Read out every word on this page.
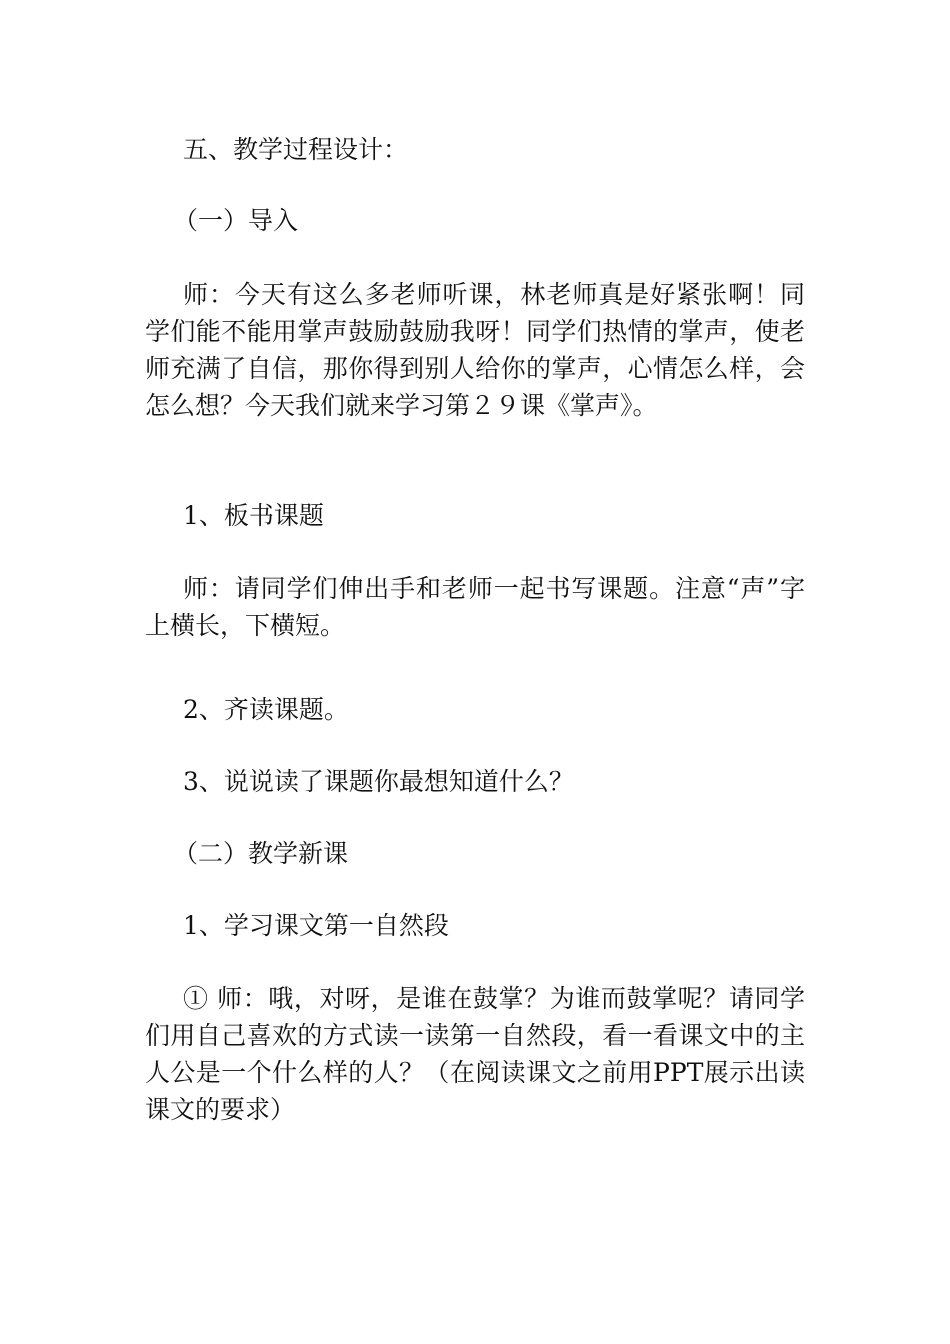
五、教学过程设计：

（一）导入

师：今天有这么多老师听课，林老师真是好紧张啊！同学们能不能用掌声鼓励鼓励我呀！同学们热情的掌声，使老师充满了自信，那你得到别人给你的掌声，心情怎么样，会怎么想？今天我们就来学习第２９课《掌声》。

1、板书课题

师：请同学们伸出手和老师一起书写课题。注意“声”字上横长，下横短。

2、齐读课题。

3、说说读了课题你最想知道什么？

（二）教学新课

1、学习课文第一自然段

① 师：哦，对呀，是谁在鼓掌？为谁而鼓掌呢？请同学们用自己喜欢的方式读一读第一自然段，看一看课文中的主人公是一个什么样的人？（在阅读课文之前用PPT展示出读课文的要求）
